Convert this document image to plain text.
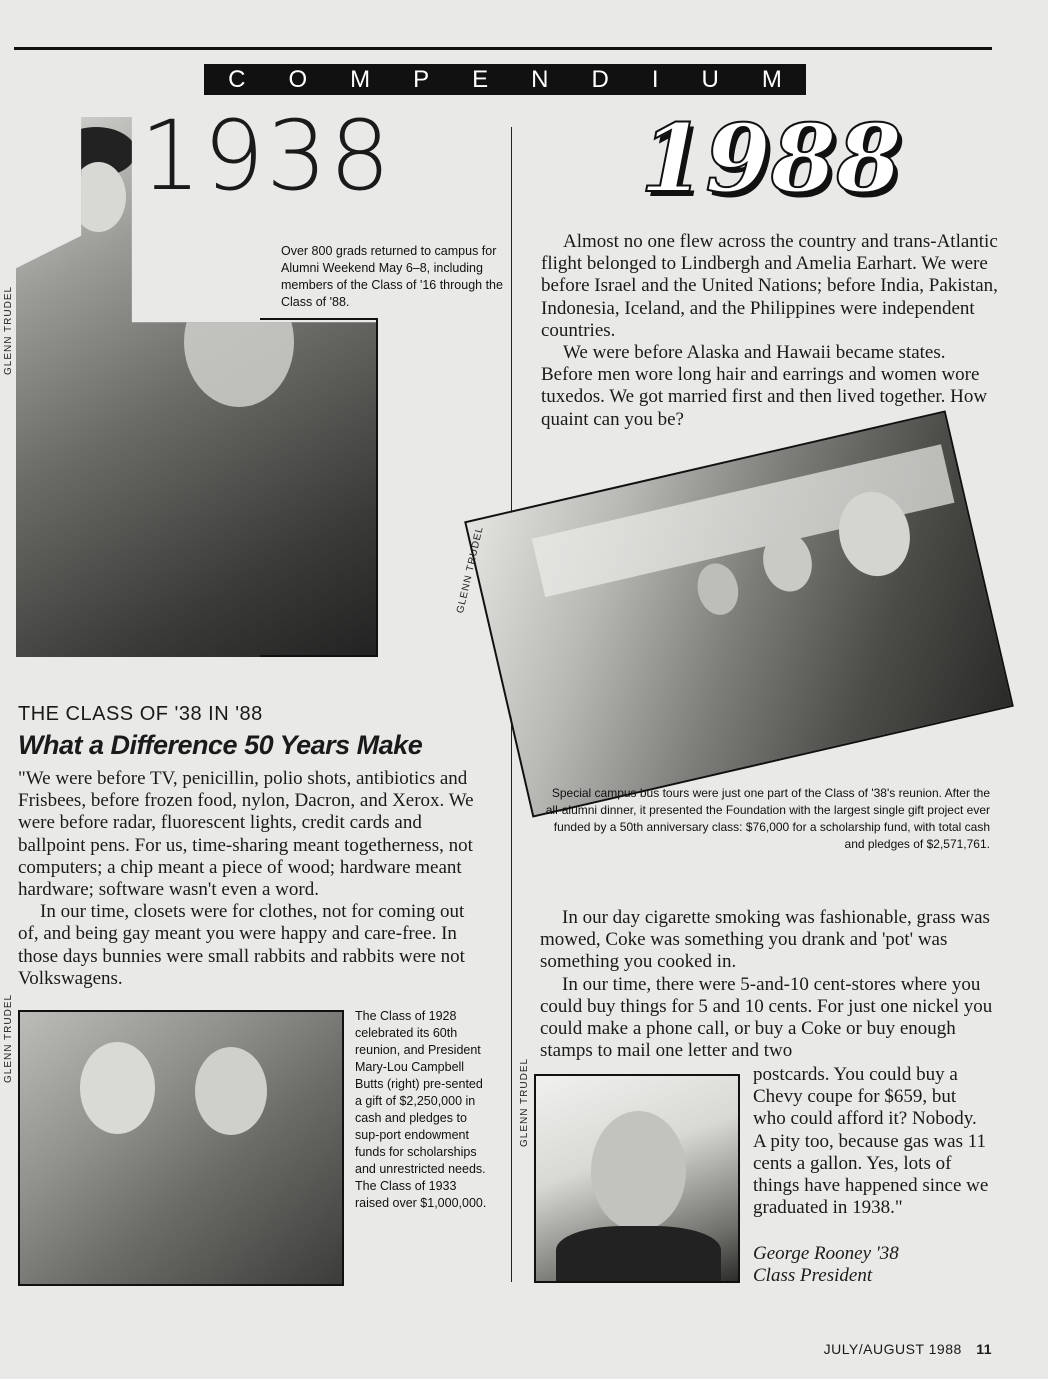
COMPENDIUM
1938	1988
GLENN TRUDEL
Over 800 grads returned to campus for Alumni Weekend May 6–8, including members of the Class of '16 through the Class of '88.

Almost no one flew across the country and trans-Atlantic flight belonged to Lindbergh and Amelia Earhart. We were before Israel and the United Nations; before India, Pakistan, Indonesia, Iceland, and the Philippines were independent countries.

We were before Alaska and Hawaii became states. Before men wore long hair and earrings and women wore tuxedos. We got married first and then lived together. How quaint can you be?

GLENN TRUDEL
Special campus bus tours were just one part of the Class of '38's reunion. After the all-alumni dinner, it presented the Foundation with the largest single gift project ever funded by a 50th anniversary class: $76,000 for a scholarship fund, with total cash and pledges of $2,571,761.
THE CLASS OF '38 IN '88
What a Difference 50 Years Make

"We were before TV, penicillin, polio shots, antibiotics and Frisbees, before frozen food, nylon, Dacron, and Xerox. We were before radar, fluorescent lights, credit cards and ballpoint pens. For us, time-sharing meant togetherness, not computers; a chip meant a piece of wood; hardware meant hardware; software wasn't even a word.

In our time, closets were for clothes, not for coming out of, and being gay meant you were happy and care-free. In those days bunnies were small rabbits and rabbits were not Volkswagens.

GLENN TRUDEL	The Class of 1928 celebrated its 60th reunion, and President Mary-Lou Campbell Butts (right) pre-sented a gift of $2,250,000 in cash and pledges to sup-port endowment funds for scholarships and unrestricted needs. The Class of 1933 raised over $1,000,000.

In our day cigarette smoking was fashionable, grass was mowed, Coke was something you drank and 'pot' was something you cooked in.

In our time, there were 5-and-10 cent-stores where you could buy things for 5 and 10 cents. For just one nickel you could make a phone call, or buy a Coke or buy enough stamps to mail one letter and two

GLENN TRUDEL	postcards. You could buy a Chevy coupe for $659, but who could afford it? Nobody. A pity too, because gas was 11 cents a gallon. Yes, lots of things have happened since we graduated in 1938."
George Rooney '38
Class President
JULY/AUGUST 1988 11
